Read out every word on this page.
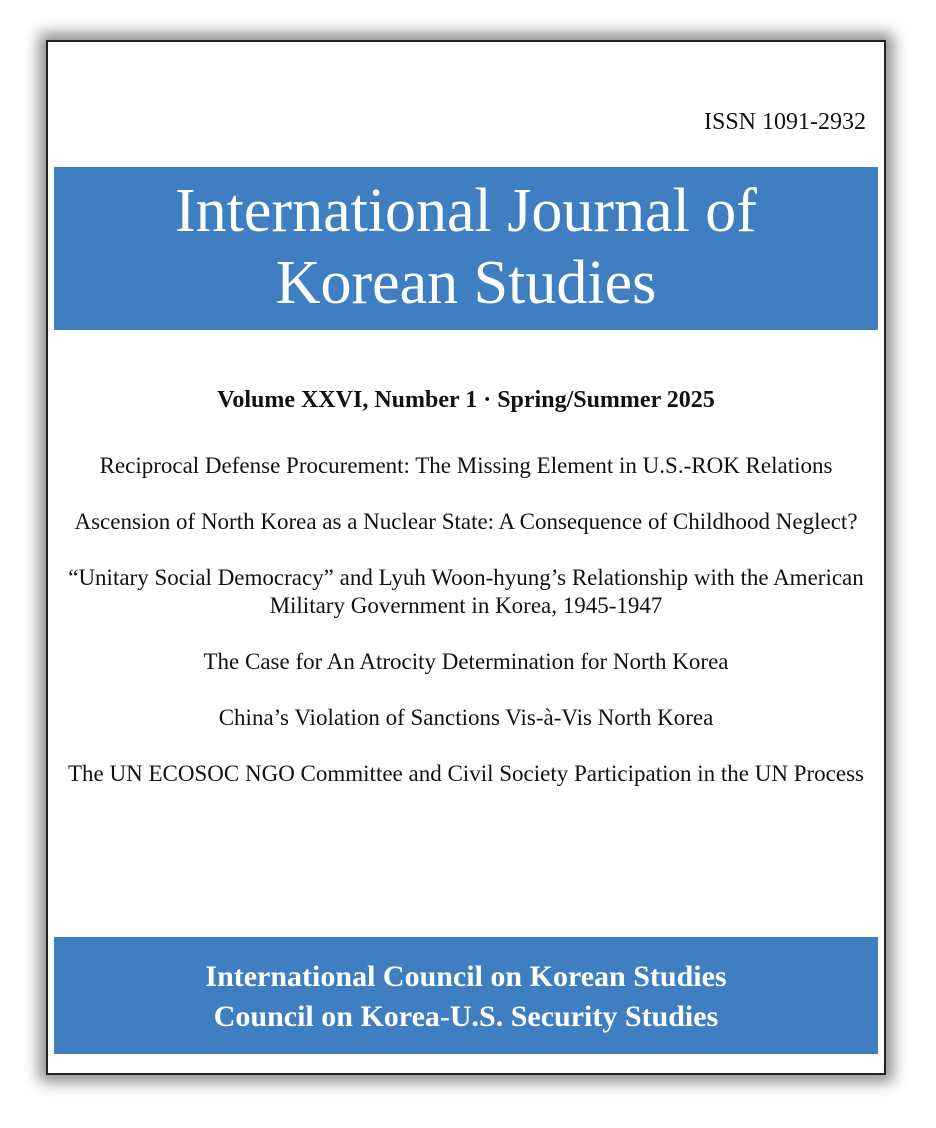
ISSN 1091-2932
International Journal of
Korean Studies
Volume XXVI, Number 1 · Spring/Summer 2025
Reciprocal Defense Procurement: The Missing Element in U.S.-ROK Relations
Ascension of North Korea as a Nuclear State: A Consequence of Childhood Neglect?
“Unitary Social Democracy” and Lyuh Woon-hyung’s Relationship with the American Military Government in Korea, 1945-1947
The Case for An Atrocity Determination for North Korea
China’s Violation of Sanctions Vis-à-Vis North Korea
The UN ECOSOC NGO Committee and Civil Society Participation in the UN Process
International Council on Korean Studies
Council on Korea-U.S. Security Studies
